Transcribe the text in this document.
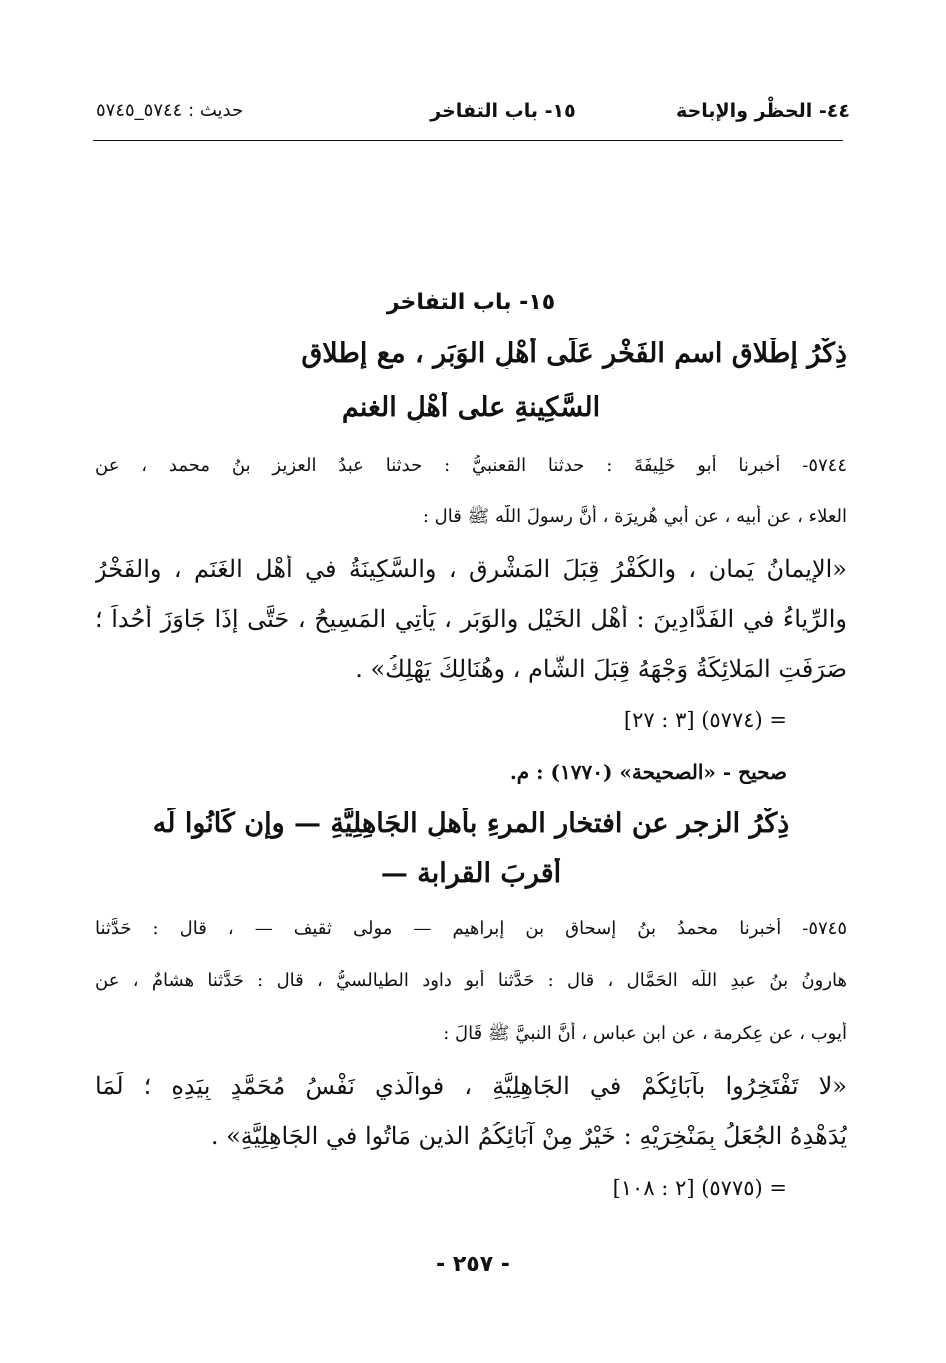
٤٤- الحظْر والإباحة
١٥- باب التفاخر
حديث : ٥٧٤٤_٥٧٤٥
١٥- باب التفاخر
ذِكْرُ إطْلاقِ اسمِ الفَخْرِ عَلَى أَهْلِ الوَبَرِ ، مع إطلاق
السَّكِينةِ على أهْلِ الغنم
٥٧٤٤- أخبرنا أبو خَلِيفَةَ : حدثنا القعنبيُّ : حدثنا عبدُ العزيز بنُ محمد ، عن
العلاء ، عن أبيه ، عن أبي هُريرَة ، أنَّ رسولَ اللَّه ﷺ قال :
«الإيمانُ يَمانٍ ، والكُفْرُ قِبَلَ المَشْرِقِ ، والسَّكِينَةُ في أَهْلِ الغَنَمِ ، والفَخْرُ
والرِّياءُ في الفَدَّادِينَ : أَهْلِ الخَيْلِ والوَبَرِ ، يَأْتِي المَسِيحُ ، حَتَّى إذَا جَاوَزَ أُحُداً ؛
صَرَفَتِ المَلائِكَةُ وَجْهَهُ قِبَلَ الشَّامِ ، وهُنَالِكَ يَهْلِكُ» .
= (٥٧٧٤) [٣ : ٢٧]
صحيح - «الصحيحة» (١٧٧٠) : م.
ذِكْرُ الزجرِ عن افتخارِ المرءِ بأهلِ الجَاهِلِيَّةِ — وإن كَانُوا لَه
أَقربَ القرابة —
٥٧٤٥- أخبرنا محمدُ بنُ إسحاق بن إبراهيم — مولى ثقيف — ، قال : حَدَّثنا
هارونُ بنُ عبدِ اللَّه الحَمَّال ، قال : حَدَّثنا أبو داود الطيالسيُّ ، قال : حَدَّثنا هشامٌ ، عن
أيوب ، عن عِكرمة ، عن ابن عباس ، أنَّ النبيَّ ﷺ قَالَ :
«لا تَفْتَخِرُوا بآبَائِكُمْ في الجَاهِلِيَّةِ ، فوالَّذي نَفْسُ مُحَمَّدٍ بِيَدِهِ ؛ لَمَا
يُدَهْدِهُ الجُعَلُ بِمَنْخِرَيْهِ : خَيْرٌ مِنْ آبَائِكُمُ الذين مَاتُوا في الجَاهِلِيَّةِ» .
= (٥٧٧٥) [٢ : ١٠٨]
- ٢٥٧ -
